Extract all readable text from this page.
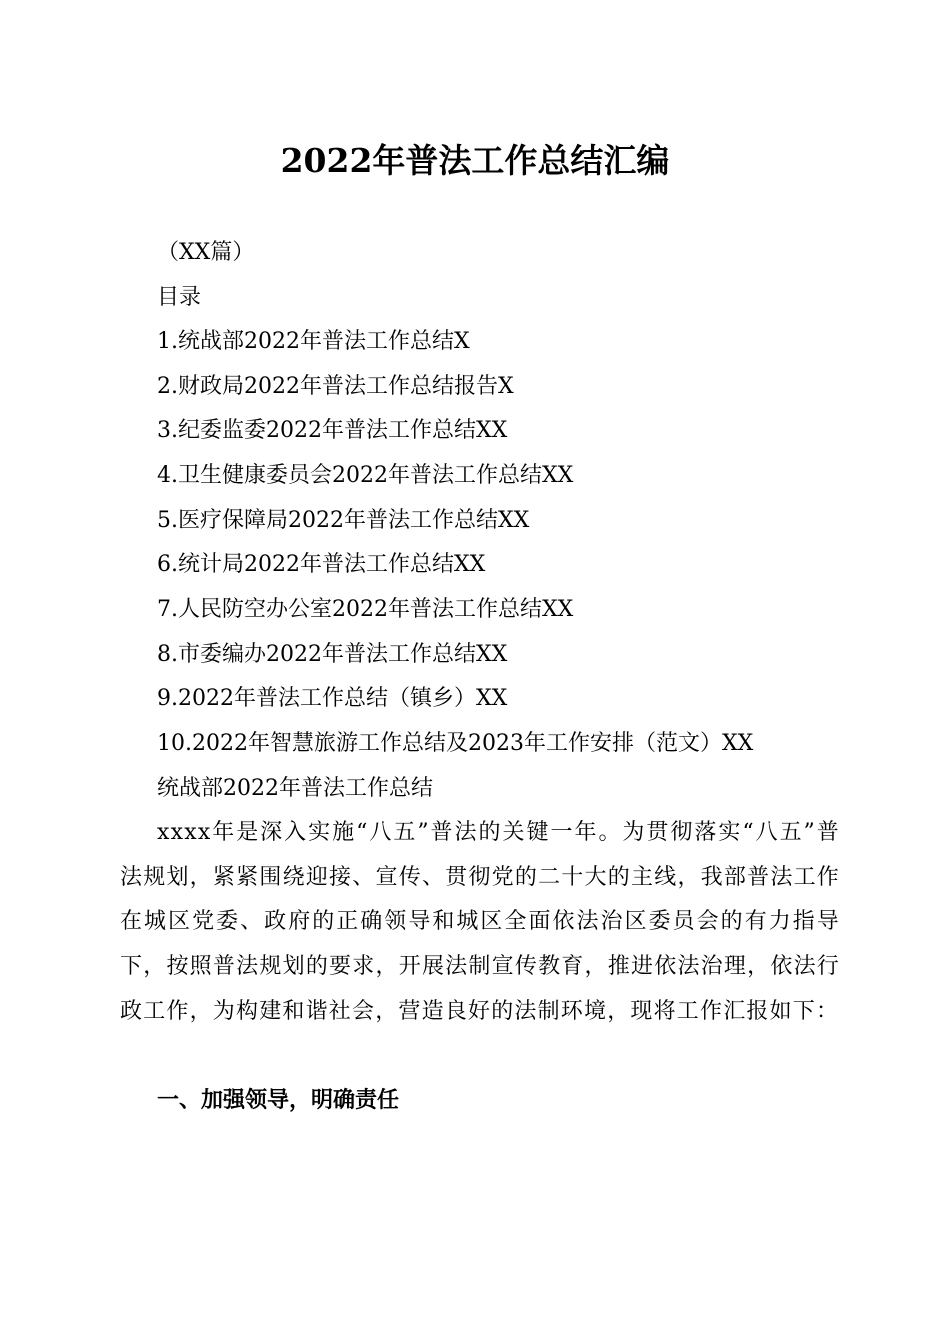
2022年普法工作总结汇编
（XX篇）
目录
1.统战部2022年普法工作总结X
2.财政局2022年普法工作总结报告X
3.纪委监委2022年普法工作总结XX
4.卫生健康委员会2022年普法工作总结XX
5.医疗保障局2022年普法工作总结XX
6.统计局2022年普法工作总结XX
7.人民防空办公室2022年普法工作总结XX
8.市委编办2022年普法工作总结XX
9.2022年普法工作总结（镇乡）XX
10.2022年智慧旅游工作总结及2023年工作安排（范文）XX
统战部2022年普法工作总结
xxxx年是深入实施“八五”普法的关键一年。为贯彻落实“八五”普法规划，紧紧围绕迎接、宣传、贯彻党的二十大的主线，我部普法工作在城区党委、政府的正确领导和城区全面依法治区委员会的有力指导下，按照普法规划的要求，开展法制宣传教育，推进依法治理，依法行政工作，为构建和谐社会，营造良好的法制环境，现将工作汇报如下：
一、加强领导，明确责任
